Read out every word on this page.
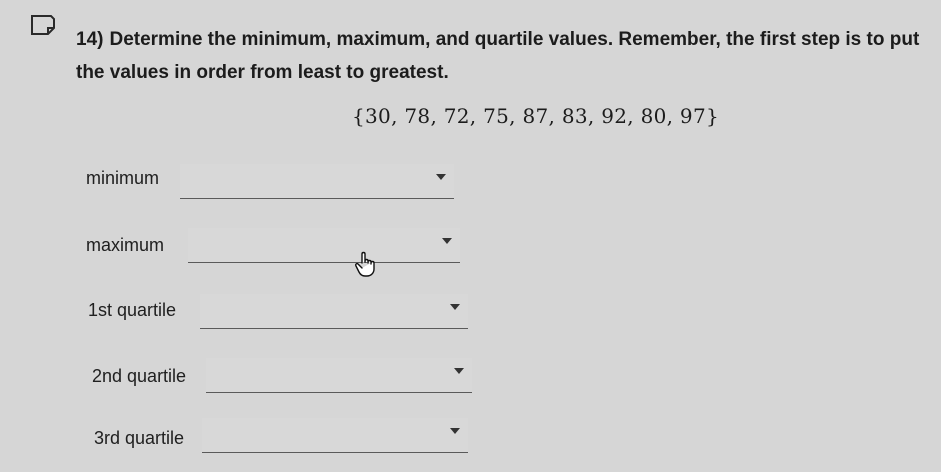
14) Determine the minimum, maximum, and quartile values. Remember, the first step is to put the values in order from least to greatest.
{30, 78, 72, 75, 87, 83, 92, 80, 97}
minimum
maximum
1st quartile
2nd quartile
3rd quartile
